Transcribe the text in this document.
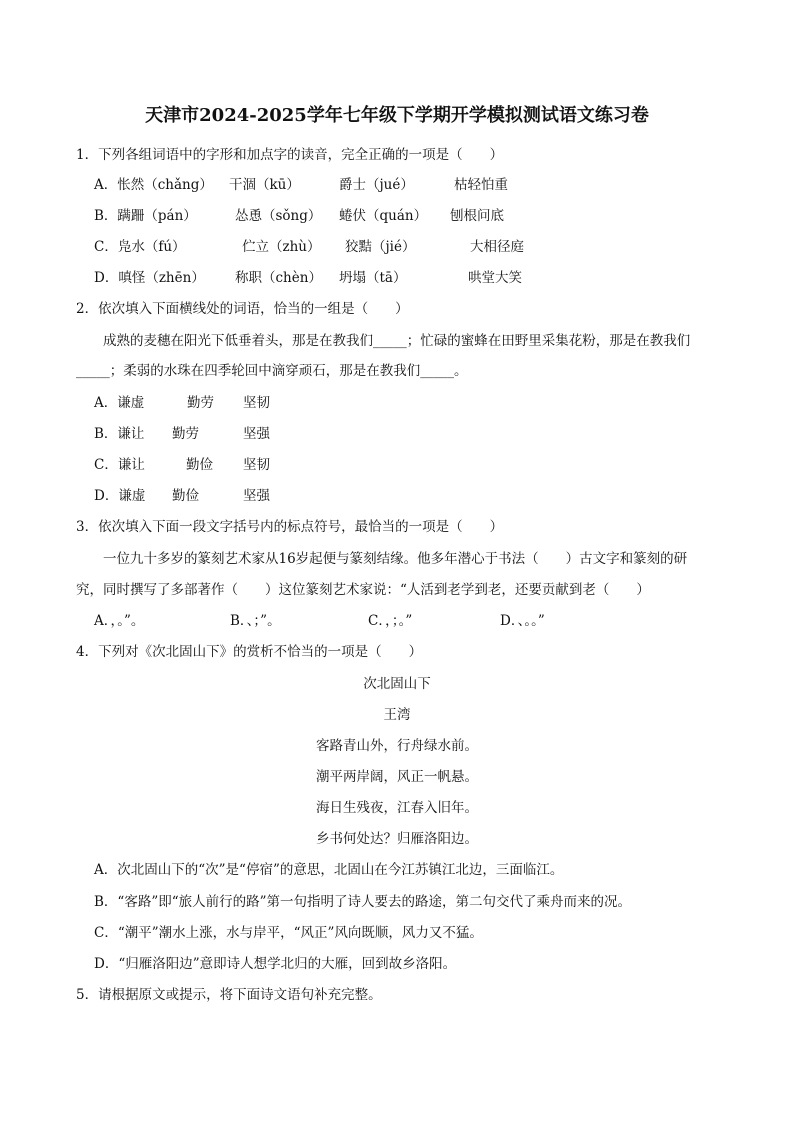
天津市2024-2025学年七年级下学期开学模拟测试语文练习卷
1．下列各组词语中的字形和加点字的读音，完全正确的一项是（　　）
A．怅然（chǎng） 干涸（kū）	爵士（jué）	枯轻怕重
B．蹒跚（pán）	怂恿（sǒng） 蜷伏（quán） 刨根问底
C．凫水（fú）	伫立（zhù） 狡黠（jié）	大相径庭
D．嗔怪（zhēn） 称职（chèn） 坍塌（tā）	哄堂大笑
2．依次填入下面横线处的词语，恰当的一组是（　　）
成熟的麦穗在阳光下低垂着头，那是在教我们_____；忙碌的蜜蜂在田野里采集花粉，那是在教我们
_____；柔弱的水珠在四季轮回中滴穿顽石，那是在教我们_____。
A．谦虚	勤劳 坚韧
B．谦让 勤劳	坚强
C．谦让	勤俭 坚韧
D．谦虚 勤俭	坚强
3．依次填入下面一段文字括号内的标点符号，最恰当的一项是（　　）
一位九十多岁的篆刻艺术家从16岁起便与篆刻结缘。他多年潜心于书法（　　）古文字和篆刻的研
究，同时撰写了多部著作（　　）这位篆刻艺术家说：“人活到老学到老，还要贡献到老（　　）
A．，。”。	B．、；”。	C．，；。”	D．、。。”
4．下列对《次北固山下》的赏析不恰当的一项是（　　）
次北固山下
王湾
客路青山外，行舟绿水前。
潮平两岸阔，风正一帆悬。
海日生残夜，江春入旧年。
乡书何处达？归雁洛阳边。
A．次北固山下的“次”是“停宿”的意思，北固山在今江苏镇江北边，三面临江。
B．“客路”即“旅人前行的路”第一句指明了诗人要去的路途，第二句交代了乘舟而来的况。
C．“潮平”潮水上涨，水与岸平，“风正”风向既顺，风力又不猛。
D．“归雁洛阳边”意即诗人想学北归的大雁，回到故乡洛阳。
5．请根据原文或提示，将下面诗文语句补充完整。
